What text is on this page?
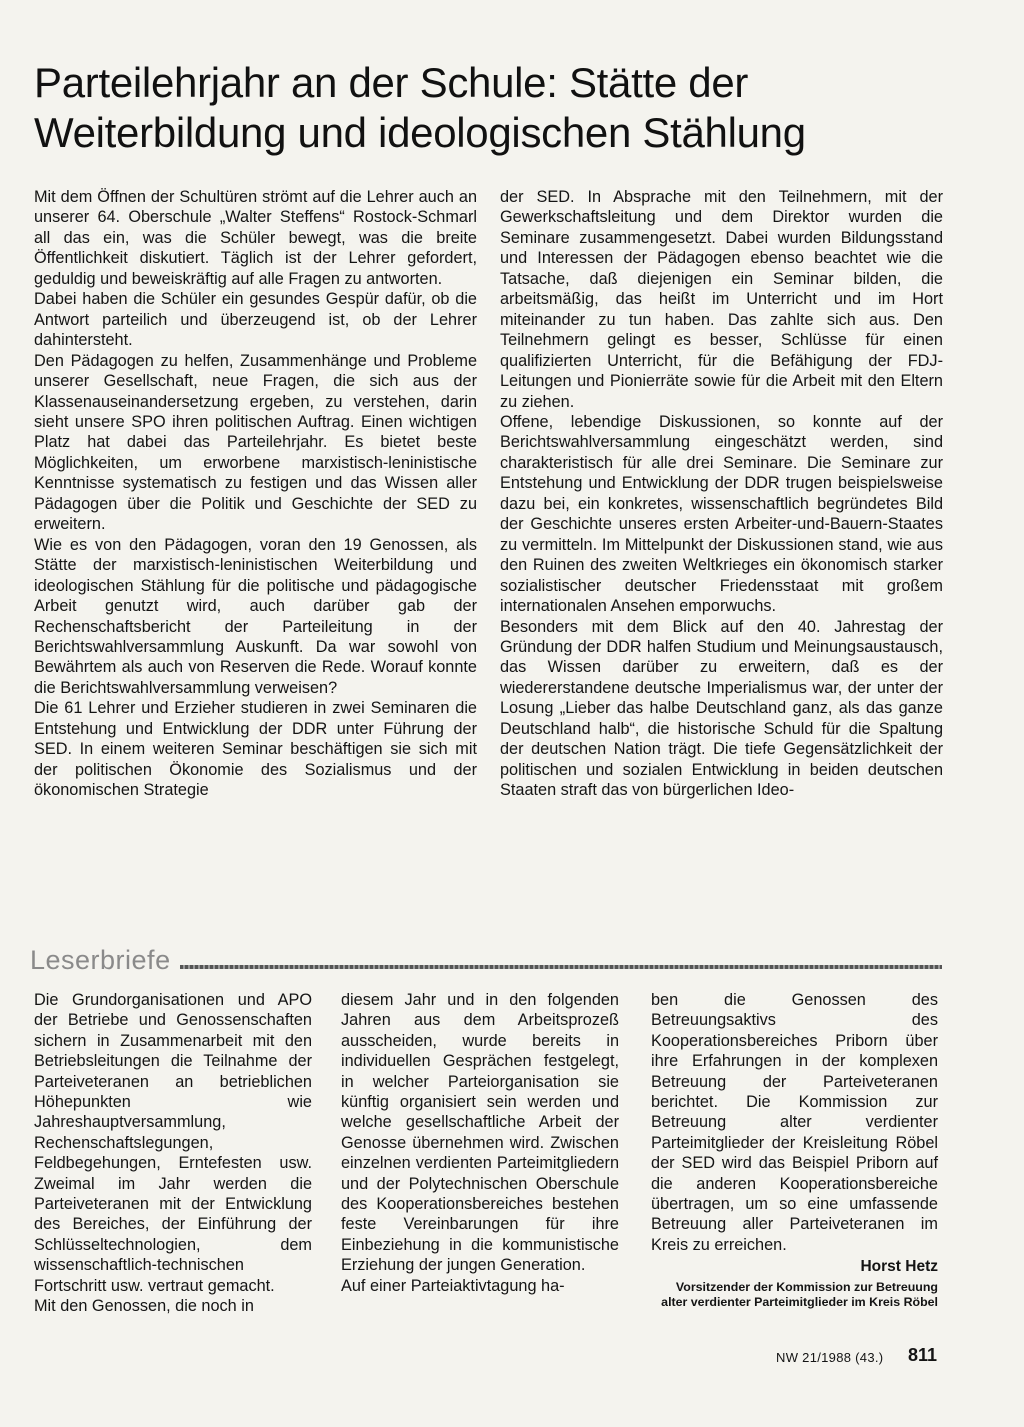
Parteilehrjahr an der Schule: Stätte der
Weiterbildung und ideologischen Stählung

Mit dem Öffnen der Schultüren strömt auf die Lehrer auch an unserer 64. Oberschule „Walter Steffens“ Rostock-Schmarl all das ein, was die Schüler bewegt, was die breite Öffentlichkeit diskutiert. Täglich ist der Lehrer gefordert, geduldig und beweiskräftig auf alle Fragen zu antworten.

Dabei haben die Schüler ein gesundes Gespür dafür, ob die Antwort parteilich und überzeugend ist, ob der Lehrer dahintersteht.

Den Pädagogen zu helfen, Zusammenhänge und Probleme unserer Gesellschaft, neue Fragen, die sich aus der Klassenauseinandersetzung ergeben, zu verstehen, darin sieht unsere SPO ihren politischen Auftrag. Einen wichtigen Platz hat dabei das Parteilehrjahr. Es bietet beste Möglichkeiten, um erworbene marxistisch-leninistische Kenntnisse systematisch zu festigen und das Wissen aller Pädagogen über die Politik und Geschichte der SED zu erweitern.

Wie es von den Pädagogen, voran den 19 Genossen, als Stätte der marxistisch-leninistischen Weiterbildung und ideologischen Stählung für die politische und pädagogische Arbeit genutzt wird, auch darüber gab der Rechenschaftsbericht der Parteileitung in der Berichtswahlversammlung Auskunft. Da war sowohl von Bewährtem als auch von Reserven die Rede. Worauf konnte die Berichtswahlversammlung verweisen?

Die 61 Lehrer und Erzieher studieren in zwei Seminaren die Entstehung und Entwicklung der DDR unter Führung der SED. In einem weiteren Seminar beschäftigen sie sich mit der politischen Ökonomie des Sozialismus und der ökonomischen Strategie

der SED. In Absprache mit den Teilnehmern, mit der Gewerkschaftsleitung und dem Direktor wurden die Seminare zusammengesetzt. Dabei wurden Bildungsstand und Interessen der Pädagogen ebenso beachtet wie die Tatsache, daß diejenigen ein Seminar bilden, die arbeitsmäßig, das heißt im Unterricht und im Hort miteinander zu tun haben. Das zahlte sich aus. Den Teilnehmern gelingt es besser, Schlüsse für einen qualifizierten Unterricht, für die Befähigung der FDJ-Leitungen und Pionierräte sowie für die Arbeit mit den Eltern zu ziehen.

Offene, lebendige Diskussionen, so konnte auf der Berichtswahlversammlung eingeschätzt werden, sind charakteristisch für alle drei Seminare. Die Seminare zur Entstehung und Entwicklung der DDR trugen beispielsweise dazu bei, ein konkretes, wissenschaftlich begründetes Bild der Geschichte unseres ersten Arbeiter-und-Bauern-Staates zu vermitteln. Im Mittelpunkt der Diskussionen stand, wie aus den Ruinen des zweiten Weltkrieges ein ökonomisch starker sozialistischer deutscher Friedensstaat mit großem internationalen Ansehen emporwuchs.

Besonders mit dem Blick auf den 40. Jahrestag der Gründung der DDR halfen Studium und Meinungsaustausch, das Wissen darüber zu erweitern, daß es der wiedererstandene deutsche Imperialismus war, der unter der Losung „Lieber das halbe Deutschland ganz, als das ganze Deutschland halb“, die historische Schuld für die Spaltung der deutschen Nation trägt. Die tiefe Gegensätzlichkeit der politischen und sozialen Entwicklung in beiden deutschen Staaten straft das von bürgerlichen Ideo-

Leserbriefe

Die Grundorganisationen und APO der Betriebe und Genossenschaften sichern in Zusammenarbeit mit den Betriebsleitungen die Teilnahme der Parteiveteranen an betrieblichen Höhepunkten wie Jahreshauptversammlung, Rechenschaftslegungen, Feldbegehungen, Erntefesten usw. Zweimal im Jahr werden die Parteiveteranen mit der Entwicklung des Bereiches, der Einführung der Schlüsseltechnologien, dem wissenschaftlich-technischen Fortschritt usw. vertraut gemacht.

Mit den Genossen, die noch in

diesem Jahr und in den folgenden Jahren aus dem Arbeitsprozeß ausscheiden, wurde bereits in individuellen Gesprächen festgelegt, in welcher Parteiorganisation sie künftig organisiert sein werden und welche gesellschaftliche Arbeit der Genosse übernehmen wird. Zwischen einzelnen verdienten Parteimitgliedern und der Polytechnischen Oberschule des Kooperationsbereiches bestehen feste Vereinbarungen für ihre Einbeziehung in die kommunistische Erziehung der jungen Generation.

Auf einer Parteiaktivtagung ha-

ben die Genossen des Betreuungsaktivs des Kooperationsbereiches Priborn über ihre Erfahrungen in der komplexen Betreuung der Parteiveteranen berichtet. Die Kommission zur Betreuung alter verdienter Parteimitglieder der Kreisleitung Röbel der SED wird das Beispiel Priborn auf die anderen Kooperationsbereiche übertragen, um so eine umfassende Betreuung aller Parteiveteranen im Kreis zu erreichen.

Horst Hetz

Vorsitzender der Kommission zur Betreuung alter verdienter Parteimitglieder im Kreis Röbel

NW 21/1988 (43.) 811
